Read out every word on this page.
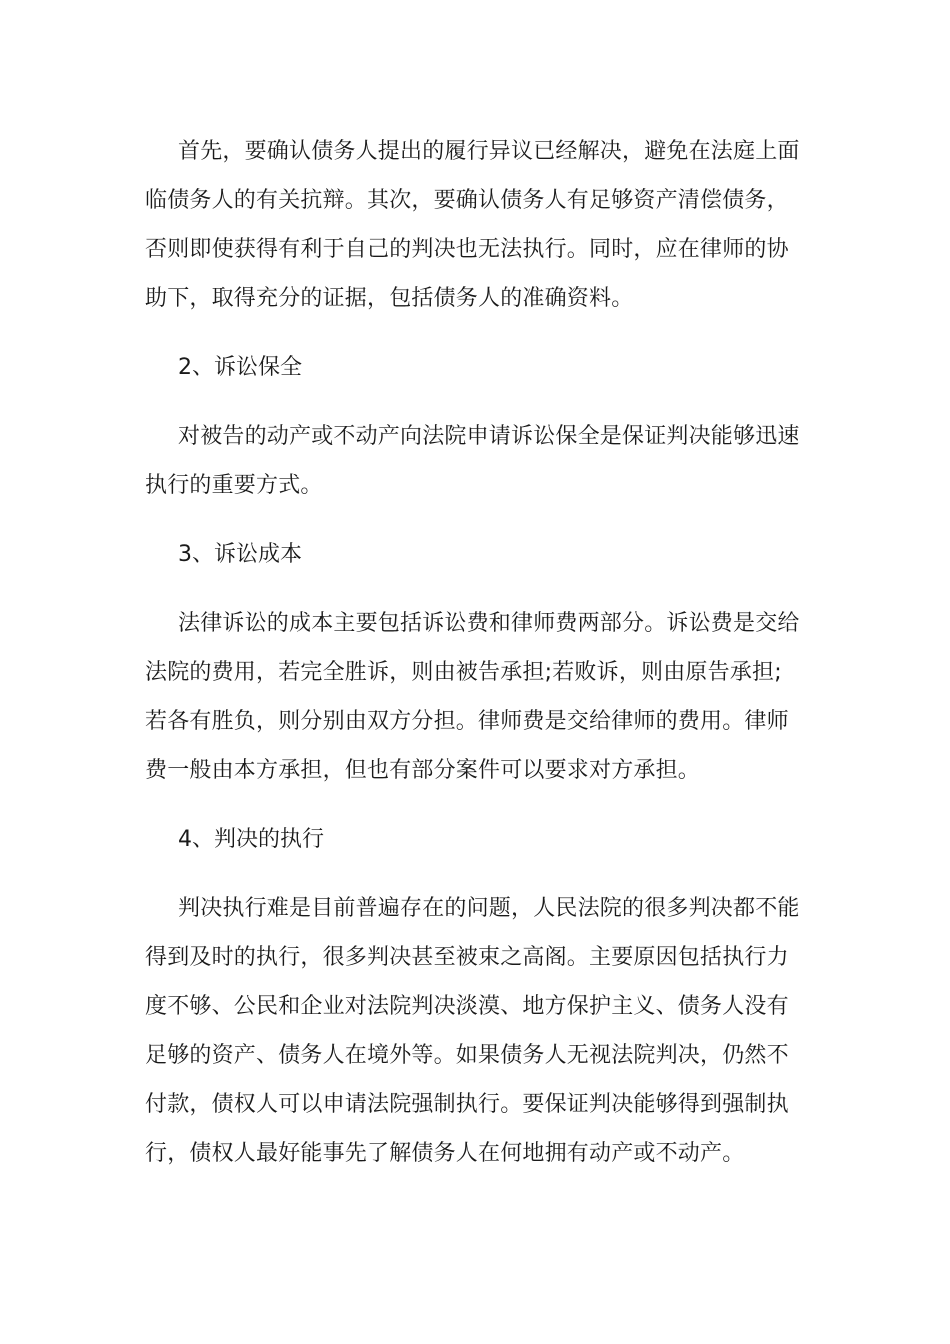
首先，要确认债务人提出的履行异议已经解决，避免在法庭上面
临债务人的有关抗辩。其次，要确认债务人有足够资产清偿债务，
否则即使获得有利于自己的判决也无法执行。同时，应在律师的协
助下，取得充分的证据，包括债务人的准确资料。

2、诉讼保全

对被告的动产或不动产向法院申请诉讼保全是保证判决能够迅速
执行的重要方式。

3、诉讼成本

法律诉讼的成本主要包括诉讼费和律师费两部分。诉讼费是交给
法院的费用，若完全胜诉，则由被告承担;若败诉，则由原告承担;
若各有胜负，则分别由双方分担。律师费是交给律师的费用。律师
费一般由本方承担，但也有部分案件可以要求对方承担。

4、判决的执行

判决执行难是目前普遍存在的问题，人民法院的很多判决都不能
得到及时的执行，很多判决甚至被束之高阁。主要原因包括执行力
度不够、公民和企业对法院判决淡漠、地方保护主义、债务人没有
足够的资产、债务人在境外等。如果债务人无视法院判决，仍然不
付款，债权人可以申请法院强制执行。要保证判决能够得到强制执
行，债权人最好能事先了解债务人在何地拥有动产或不动产。
